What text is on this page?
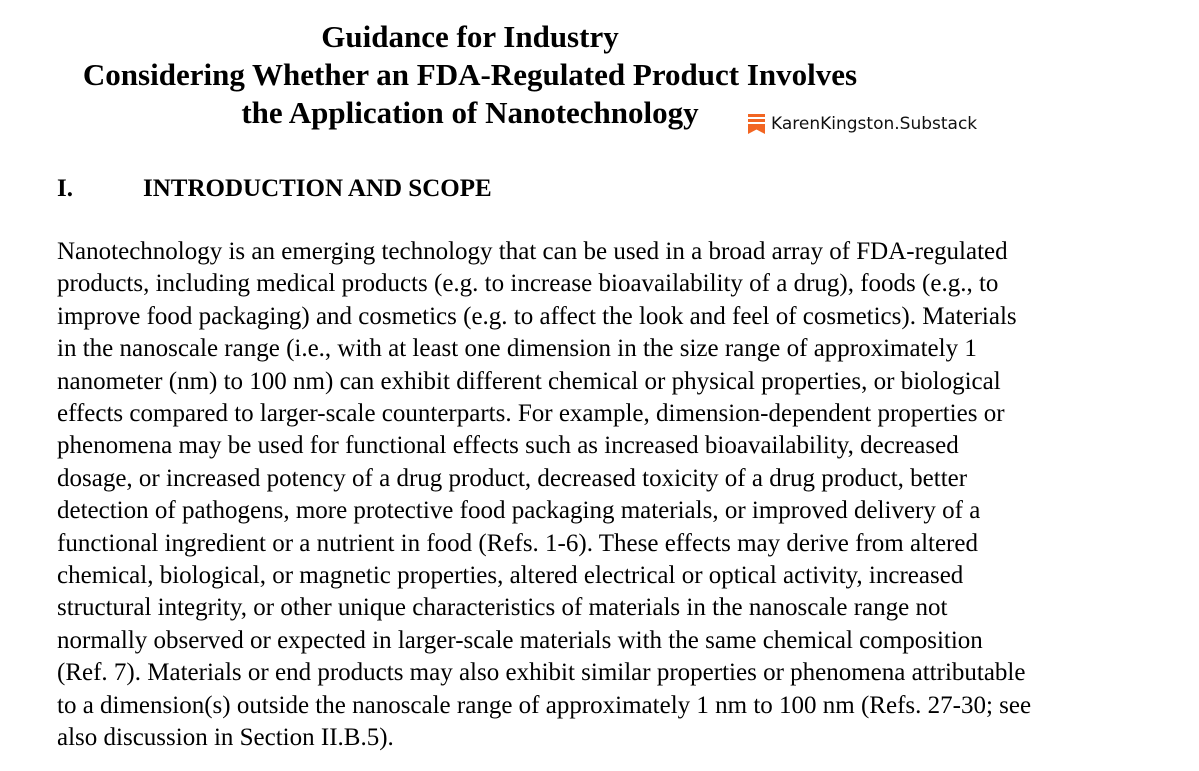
Guidance for Industry
Considering Whether an FDA-Regulated Product Involves
the Application of Nanotechnology	KarenKingston.Substack
I.	INTRODUCTION AND SCOPE
Nanotechnology is an emerging technology that can be used in a broad array of FDA-regulated
products, including medical products (e.g. to increase bioavailability of a drug), foods (e.g., to
improve food packaging) and cosmetics (e.g. to affect the look and feel of cosmetics). Materials
in the nanoscale range (i.e., with at least one dimension in the size range of approximately 1
nanometer (nm) to 100 nm) can exhibit different chemical or physical properties, or biological
effects compared to larger-scale counterparts. For example, dimension-dependent properties or
phenomena may be used for functional effects such as increased bioavailability, decreased
dosage, or increased potency of a drug product, decreased toxicity of a drug product, better
detection of pathogens, more protective food packaging materials, or improved delivery of a
functional ingredient or a nutrient in food (Refs. 1-6). These effects may derive from altered
chemical, biological, or magnetic properties, altered electrical or optical activity, increased
structural integrity, or other unique characteristics of materials in the nanoscale range not
normally observed or expected in larger-scale materials with the same chemical composition
(Ref. 7). Materials or end products may also exhibit similar properties or phenomena attributable
to a dimension(s) outside the nanoscale range of approximately 1 nm to 100 nm (Refs. 27-30; see
also discussion in Section II.B.5).
